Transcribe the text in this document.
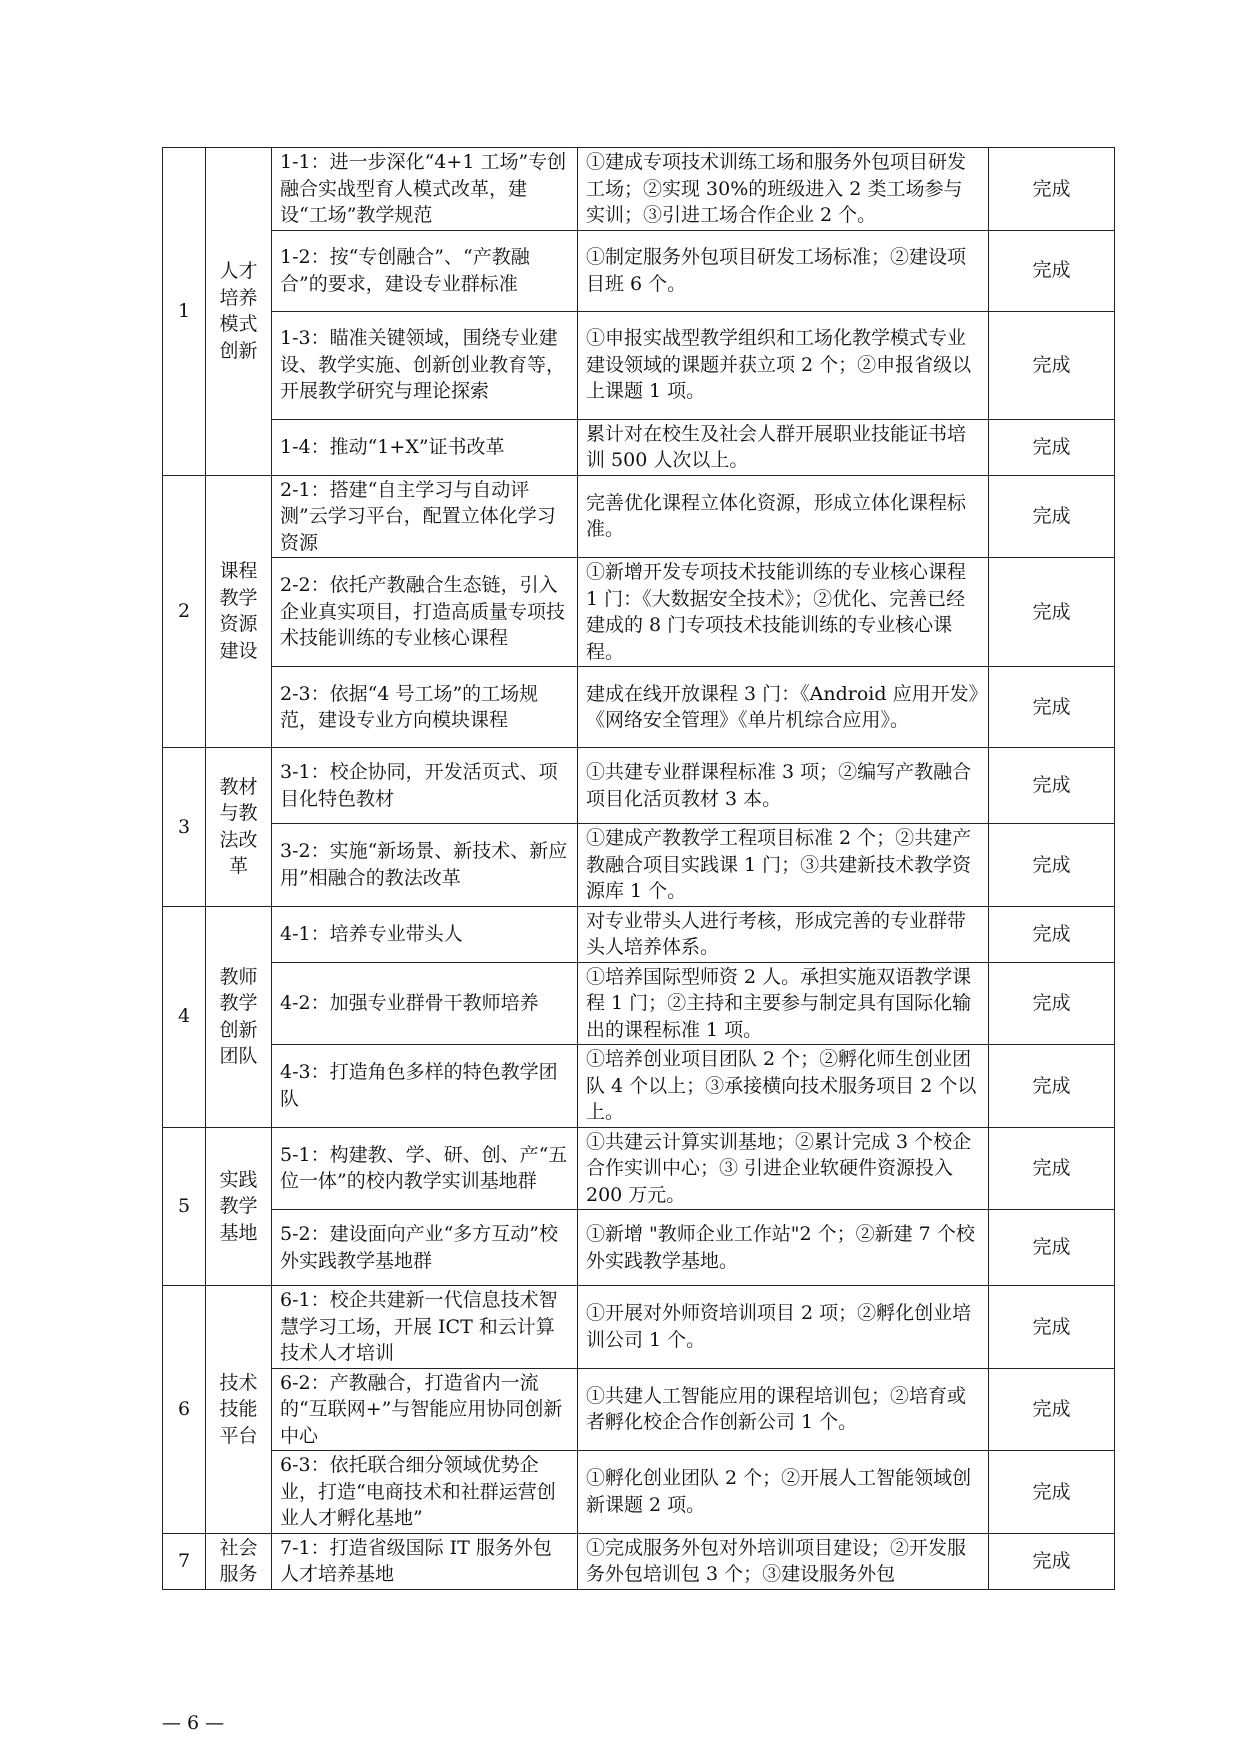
1	人才培养模式创新	1-1：进一步深化“4+1 工场”专创融合实战型育人模式改革，建设“工场”教学规范	①建成专项技术训练工场和服务外包项目研发工场；②实现 30%的班级进入 2 类工场参与实训；③引进工场合作企业 2 个。	完成
		1-2：按“专创融合”、“产教融合”的要求，建设专业群标准	①制定服务外包项目研发工场标准；②建设项目班 6 个。	完成
		1-3：瞄准关键领域，围绕专业建设、教学实施、创新创业教育等，开展教学研究与理论探索	①申报实战型教学组织和工场化教学模式专业建设领域的课题并获立项 2 个；②申报省级以上课题 1 项。	完成
		1-4：推动“1+X”证书改革	累计对在校生及社会人群开展职业技能证书培训 500 人次以上。	完成
2	课程教学资源建设	2-1：搭建“自主学习与自动评测”云学习平台，配置立体化学习资源	完善优化课程立体化资源，形成立体化课程标准。	完成
		2-2：依托产教融合生态链，引入企业真实项目，打造高质量专项技术技能训练的专业核心课程	①新增开发专项技术技能训练的专业核心课程 1 门：《大数据安全技术》；②优化、完善已经建成的 8 门专项技术技能训练的专业核心课程。	完成
		2-3：依据“4 号工场”的工场规范，建设专业方向模块课程	建成在线开放课程 3 门：《Android 应用开发》《网络安全管理》《单片机综合应用》。	完成
3	教材与教法改革	3-1：校企协同，开发活页式、项目化特色教材	①共建专业群课程标准 3 项；②编写产教融合项目化活页教材 3 本。	完成
		3-2：实施“新场景、新技术、新应用”相融合的教法改革	①建成产教教学工程项目标准 2 个；②共建产教融合项目实践课 1 门；③共建新技术教学资源库 1 个。	完成
4	教师教学创新团队	4-1：培养专业带头人	对专业带头人进行考核，形成完善的专业群带头人培养体系。	完成
		4-2：加强专业群骨干教师培养	①培养国际型师资 2 人。承担实施双语教学课程 1 门；②主持和主要参与制定具有国际化输出的课程标准 1 项。	完成
		4-3：打造角色多样的特色教学团队	①培养创业项目团队 2 个；②孵化师生创业团队 4 个以上；③承接横向技术服务项目 2 个以上。	完成
5	实践教学基地	5-1：构建教、学、研、创、产“五位一体”的校内教学实训基地群	①共建云计算实训基地；②累计完成 3 个校企合作实训中心；③ 引进企业软硬件资源投入 200 万元。	完成
		5-2：建设面向产业“多方互动”校外实践教学基地群	①新增 "教师企业工作站"2 个；②新建 7 个校外实践教学基地。	完成
6	技术技能平台	6-1：校企共建新一代信息技术智慧学习工场，开展 ICT 和云计算技术人才培训	①开展对外师资培训项目 2 项；②孵化创业培训公司 1 个。	完成
		6-2：产教融合，打造省内一流的“互联网+”与智能应用协同创新中心	①共建人工智能应用的课程培训包；②培育或者孵化校企合作创新公司 1 个。	完成
		6-3：依托联合细分领域优势企业，打造“电商技术和社群运营创业人才孵化基地”	①孵化创业团队 2 个；②开展人工智能领域创新课题 2 项。	完成
7	社会服务	7-1：打造省级国际 IT 服务外包人才培养基地	①完成服务外包对外培训项目建设；②开发服务外包培训包 3 个；③建设服务外包	完成
— 6 —
